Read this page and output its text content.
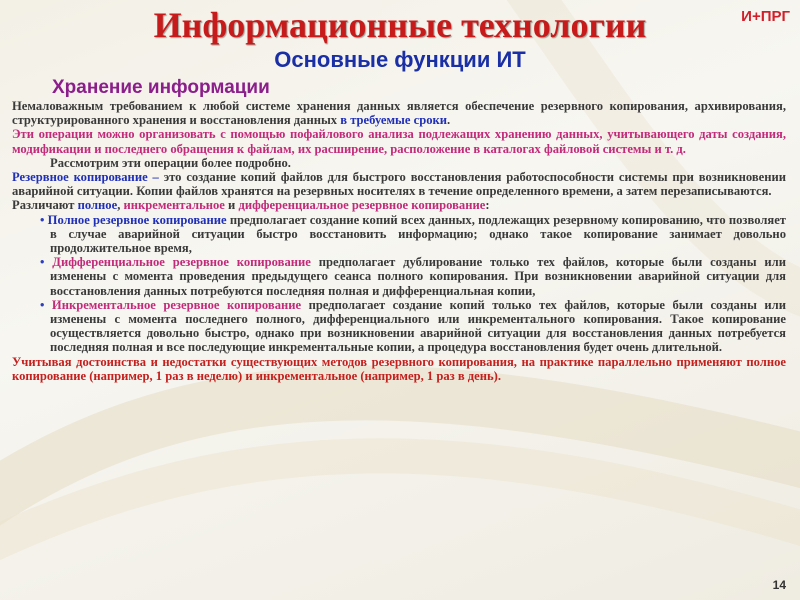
Информационные технологии	И+ПРГ
Основные функции ИТ
Хранение информации

Немаловажным требованием к любой системе хранения данных является обеспечение резервного копирования, архивирования, структурированного хранения и восстановления данных в требуемые сроки.

Эти операции можно организовать с помощью пофайлового анализа подлежащих хранению данных, учитывающего даты создания, модификации и последнего обращения к файлам, их расширение, расположение в каталогах файловой системы и т. д.

Рассмотрим эти операции более подробно.

Резервное копирование – это создание копий файлов для быстрого восстановления работоспособности системы при возникновении аварийной ситуации. Копии файлов хранятся на резервных носителях в течение определенного времени, а затем перезаписываются.

Различают полное, инкрементальное и дифференциальное резервное копирование:

• Полное резервное копирование предполагает создание копий всех данных, подлежащих резервному копированию, что позволяет в случае аварийной ситуации быстро восстановить информацию; однако такое копирование занимает довольно продолжительное время,

• Дифференциальное резервное копирование предполагает дублирование только тех файлов, которые были созданы или изменены с момента проведения предыдущего сеанса полного копирования. При возникновении аварийной ситуации для восстановления данных потребуются последняя полная и дифференциальная копии,

• Инкрементальное резервное копирование предполагает создание копий только тех файлов, которые были созданы или изменены с момента последнего полного, дифференциального или инкрементального копирования. Такое копирование осуществляется довольно быстро, однако при возникновении аварийной ситуации для восстановления данных потребуется последняя полная и все последующие инкрементальные копии, а процедура восстановления будет очень длительной.

Учитывая достоинства и недостатки существующих методов резервного копирования, на практике параллельно применяют полное копирование (например, 1 раз в неделю) и инкрементальное (например, 1 раз в день).

14
